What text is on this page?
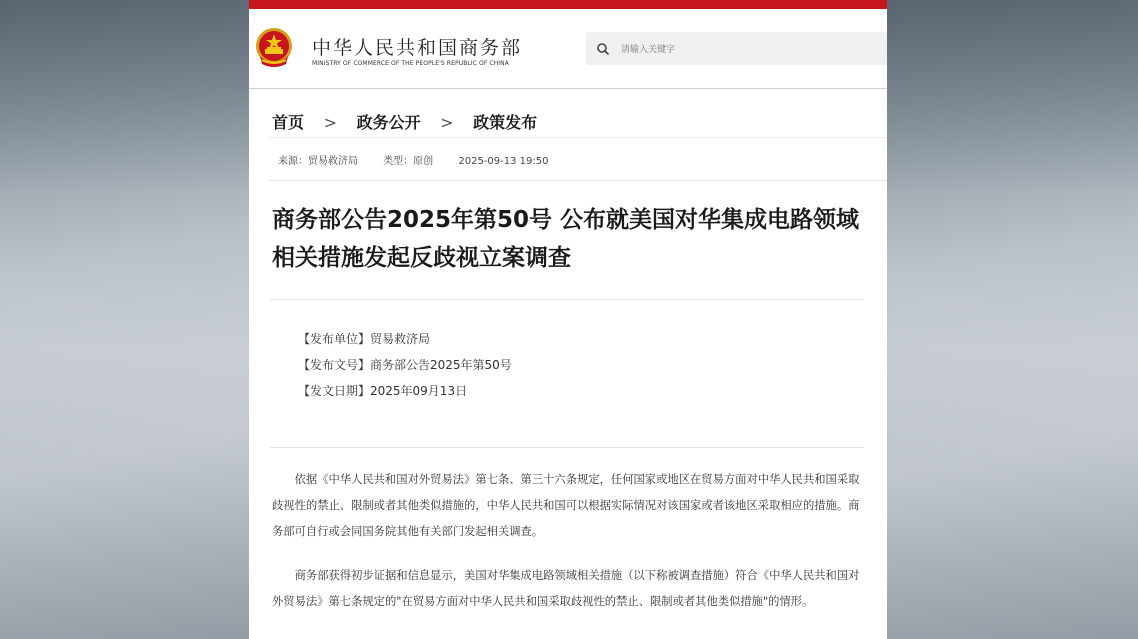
中华人民共和国商务部
MINISTRY OF COMMERCE OF THE PEOPLE'S REPUBLIC OF CHINA
请输入关键字
首页 > 政务公开 > 政策发布
来源：贸易救济局	类型：原创	2025-09-13 19:50
商务部公告2025年第50号 公布就美国对华集成电路领域相关措施发起反歧视立案调查
【发布单位】贸易救济局
【发布文号】商务部公告2025年第50号
【发文日期】2025年09月13日

依据《中华人民共和国对外贸易法》第七条、第三十六条规定，任何国家或地区在贸易方面对中华人民共和国采取歧视性的禁止、限制或者其他类似措施的，中华人民共和国可以根据实际情况对该国家或者该地区采取相应的措施。商务部可自行或会同国务院其他有关部门发起相关调查。

商务部获得初步证据和信息显示，美国对华集成电路领域相关措施（以下称被调查措施）符合《中华人民共和国对外贸易法》第七条规定的"在贸易方面对中华人民共和国采取歧视性的禁止、限制或者其他类似措施"的情形。
